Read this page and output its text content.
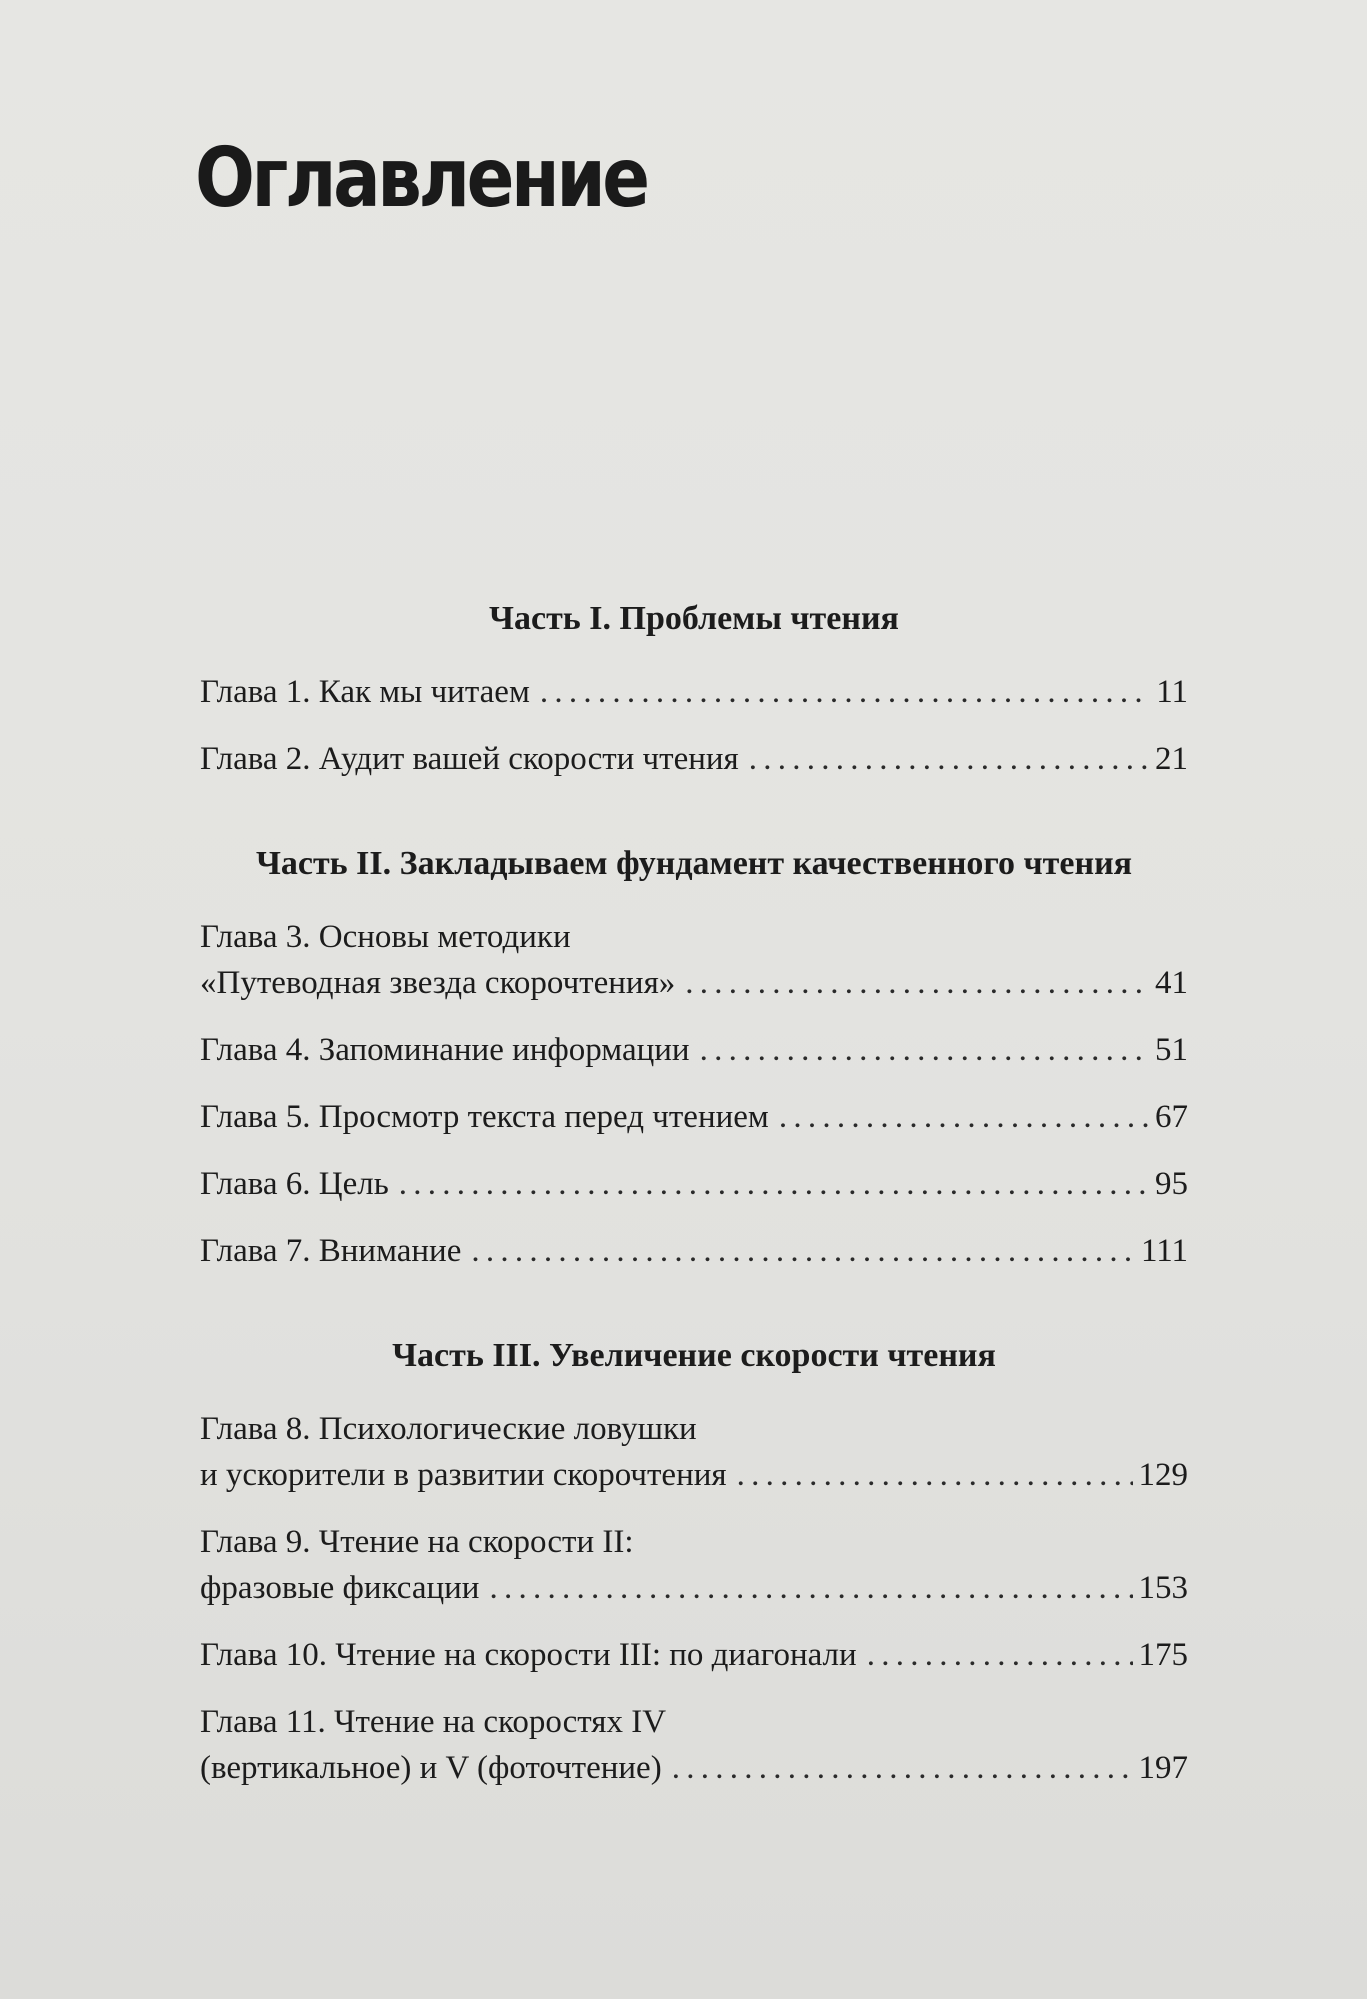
Оглавление
Часть I. Проблемы чтения
Глава 1. Как мы читаем . . .	11
Глава 2. Аудит вашей скорости чтения . . .	21
Часть II. Закладываем фундамент качественного чтения
Глава 3. Основы методики
«Путеводная звезда скорочтения» . . .	41
Глава 4. Запоминание информации . . .	51
Глава 5. Просмотр текста перед чтением . . .	67
Глава 6. Цель . . .	95
Глава 7. Внимание . . .	111
Часть III. Увеличение скорости чтения
Глава 8. Психологические ловушки
и ускорители в развитии скорочтения . . .	129
Глава 9. Чтение на скорости II:
фразовые фиксации . . .	153
Глава 10. Чтение на скорости III: по диагонали . . .	175
Глава 11. Чтение на скоростях IV
(вертикальное) и V (фоточтение) . . .	197
